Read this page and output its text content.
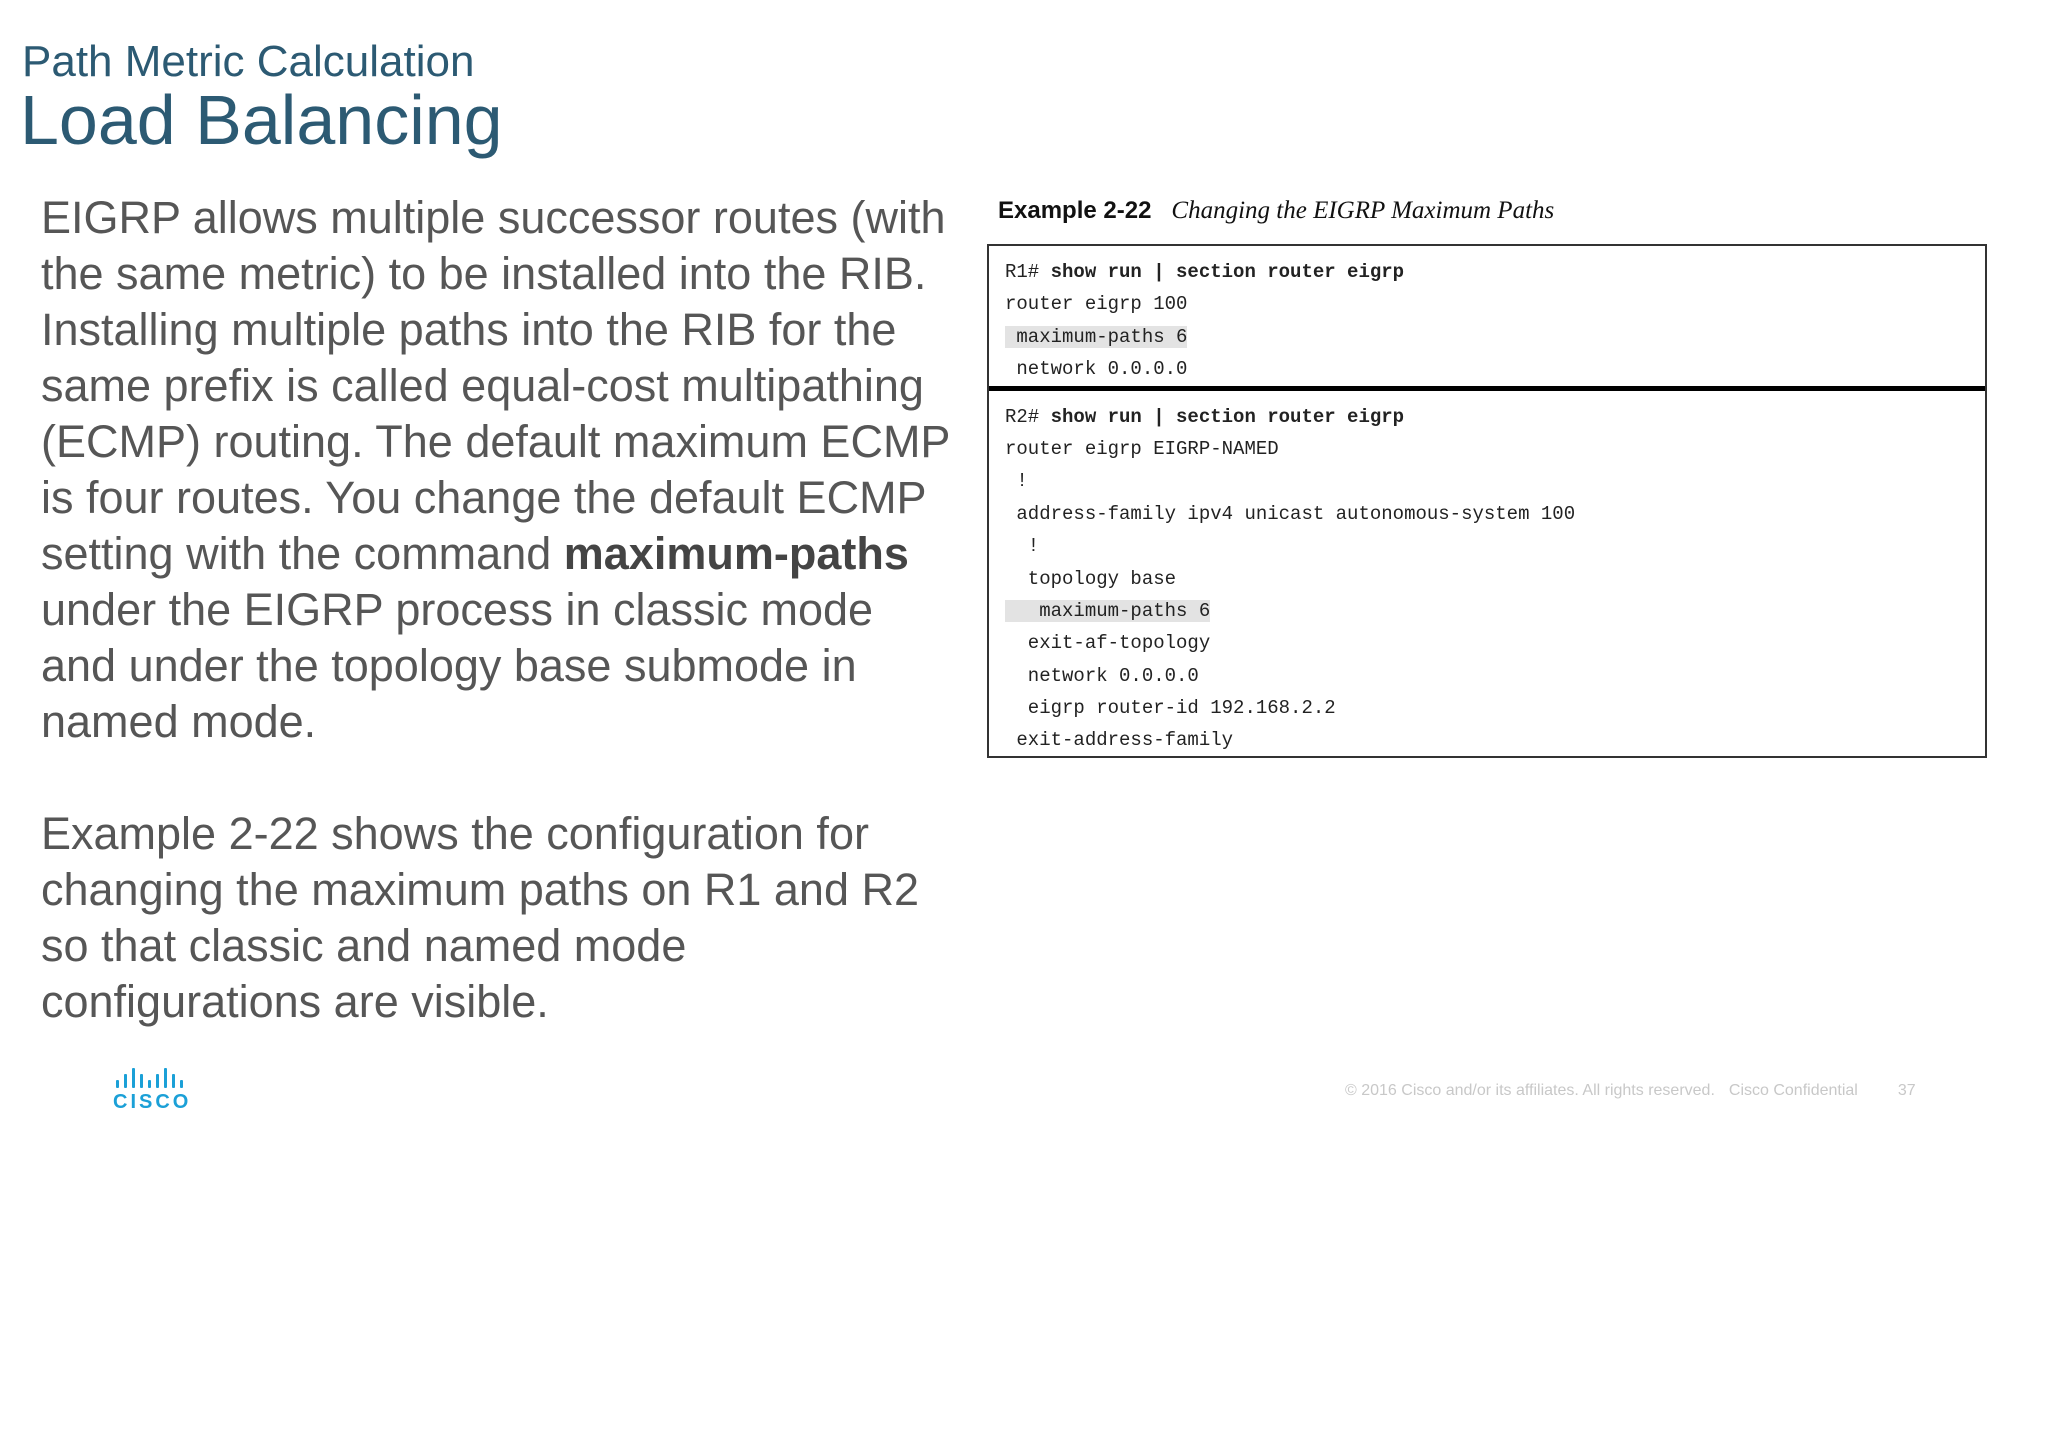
Path Metric Calculation
Load Balancing

EIGRP allows multiple successor routes (with the same metric) to be installed into the RIB. Installing multiple paths into the RIB for the same prefix is called equal-cost multipathing (ECMP) routing. The default maximum ECMP is four routes. You change the default ECMP setting with the command maximum-paths under the EIGRP process in classic mode and under the topology base submode in named mode.

Example 2-22 shows the configuration for changing the maximum paths on R1 and R2 so that classic and named mode configurations are visible.

Example 2-22 Changing the EIGRP Maximum Paths
R1# show run | section router eigrp
router eigrp 100
maximum-paths 6
network 0.0.0.0
R2# show run | section router eigrp
router eigrp EIGRP-NAMED
!
address-family ipv4 unicast autonomous-system 100
!
topology base
maximum-paths 6
exit-af-topology
network 0.0.0.0
eigrp router-id 192.168.2.2
exit-address-family
CISCO
© 2016 Cisco and/or its affiliates. All rights reserved. Cisco Confidential	37
